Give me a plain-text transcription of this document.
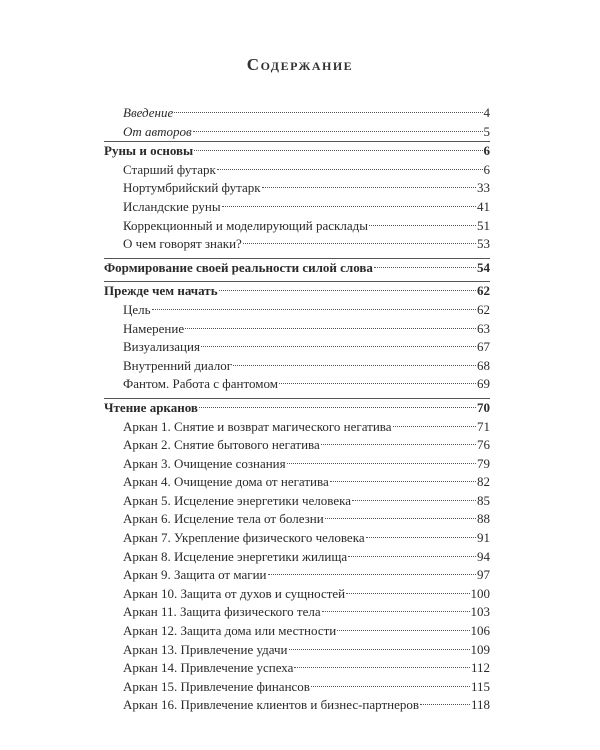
Содержание
Введение	4
От авторов	5
Руны и основы	6
Старший футарк	6
Нортумбрийский футарк	33
Исландские руны	41
Коррекционный и моделирующий расклады	51
О чем говорят знаки?	53
Формирование своей реальности силой слова	54
Прежде чем начать	62
Цель	62
Намерение	63
Визуализация	67
Внутренний диалог	68
Фантом. Работа с фантомом	69
Чтение арканов	70
Аркан 1. Снятие и возврат магического негатива	71
Аркан 2. Снятие бытового негатива	76
Аркан 3. Очищение сознания	79
Аркан 4. Очищение дома от негатива	82
Аркан 5. Исцеление энергетики человека	85
Аркан 6. Исцеление тела от болезни	88
Аркан 7. Укрепление физического человека	91
Аркан 8. Исцеление энергетики жилища	94
Аркан 9. Защита от магии	97
Аркан 10. Защита от духов и сущностей	100
Аркан 11. Защита физического тела	103
Аркан 12. Защита дома или местности	106
Аркан 13. Привлечение удачи	109
Аркан 14. Привлечение успеха	112
Аркан 15. Привлечение финансов	115
Аркан 16. Привлечение клиентов и бизнес-партнеров	118
